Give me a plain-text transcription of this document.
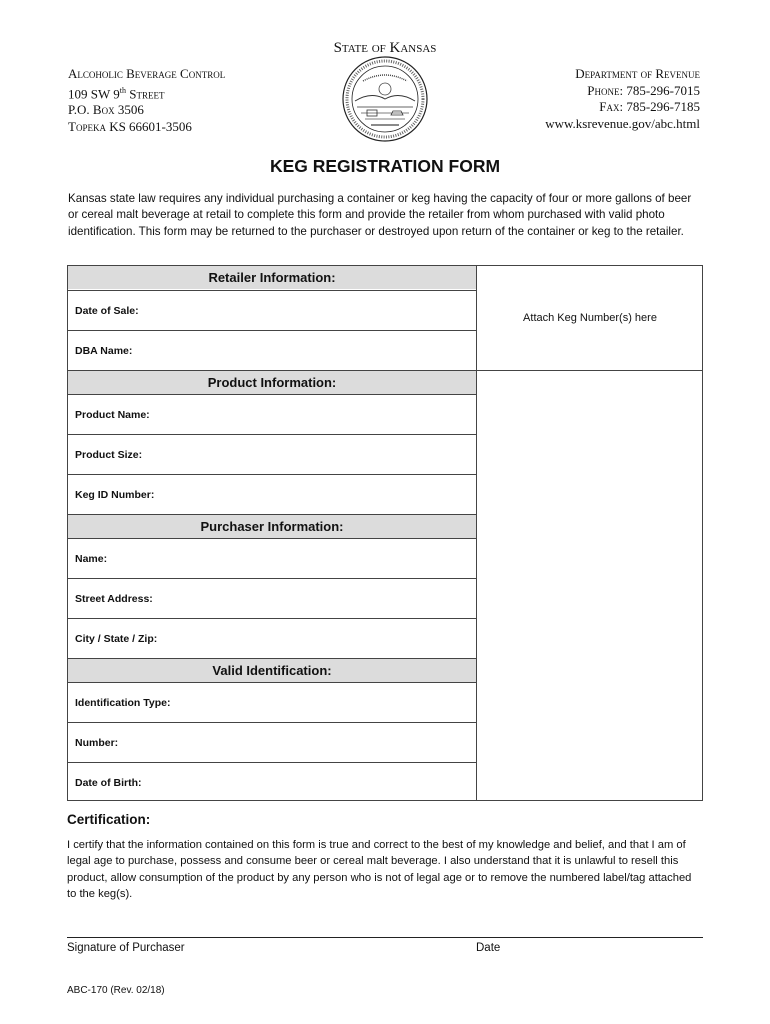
State of Kansas
Alcoholic Beverage Control
109 SW 9th Street
P.O. Box 3506
Topeka KS 66601-3506
Department of Revenue
Phone: 785-296-7015
Fax: 785-296-7185
www.ksrevenue.gov/abc.html
KEG REGISTRATION FORM
Kansas state law requires any individual purchasing a container or keg having the capacity of four or more gallons of beer or cereal malt beverage at retail to complete this form and provide the retailer from whom purchased with valid photo identification. This form may be returned to the purchaser or destroyed upon return of the container or keg to the retailer.
Attach Keg Number(s) here
Retailer Information:
Date of Sale:
DBA Name:
Product Information:
Product Name:
Product Size:
Keg ID Number:
Purchaser Information:
Name:
Street Address:
City / State / Zip:
Valid Identification:
Identification Type:
Number:
Date of Birth:
Certification:
I certify that the information contained on this form is true and correct to the best of my knowledge and belief, and that I am of legal age to purchase, possess and consume beer or cereal malt beverage. I also understand that it is unlawful to resell this product, allow consumption of the product by any person who is not of legal age or to remove the numbered label/tag attached to the keg(s).
Signature of Purchaser	Date
ABC-170 (Rev. 02/18)
